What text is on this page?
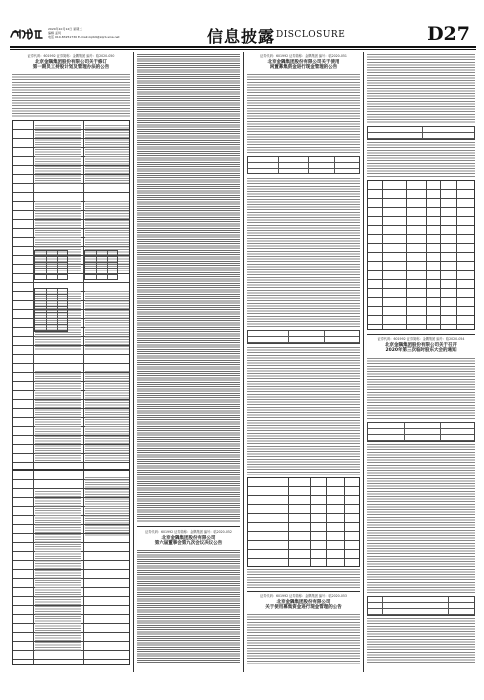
2020年10月12日 星期二
编辑 孟珂
电话 010-83251730 E-mail:zqrb9@zqrb.sina.net	信息披露 DISCLOSURE	D27
证券代码：601992 证券简称：金隅集团 编号：临2020-050
北京金隅集团股份有限公司关于修订
第一期员工持股计划及管理办法的公告
证券代码：601992 证券简称：金隅集团 编号：临2020-052
北京金隅集团股份有限公司
第六届董事会第九次会议决议公告
证券代码：601992 证券简称：金隅集团 编号：临2020-051
北京金隅集团股份有限公司关于使用
闲置募集资金进行现金管理的公告
证券代码：601992 证券简称：金隅集团 编号：临2020-053
北京金隅集团股份有限公司
关于使用募集资金进行现金管理的公告
证券代码：601992 证券简称：金隅集团 编号：临2020-054
北京金隅集团股份有限公司关于召开
2020年第三次临时股东大会的通知
